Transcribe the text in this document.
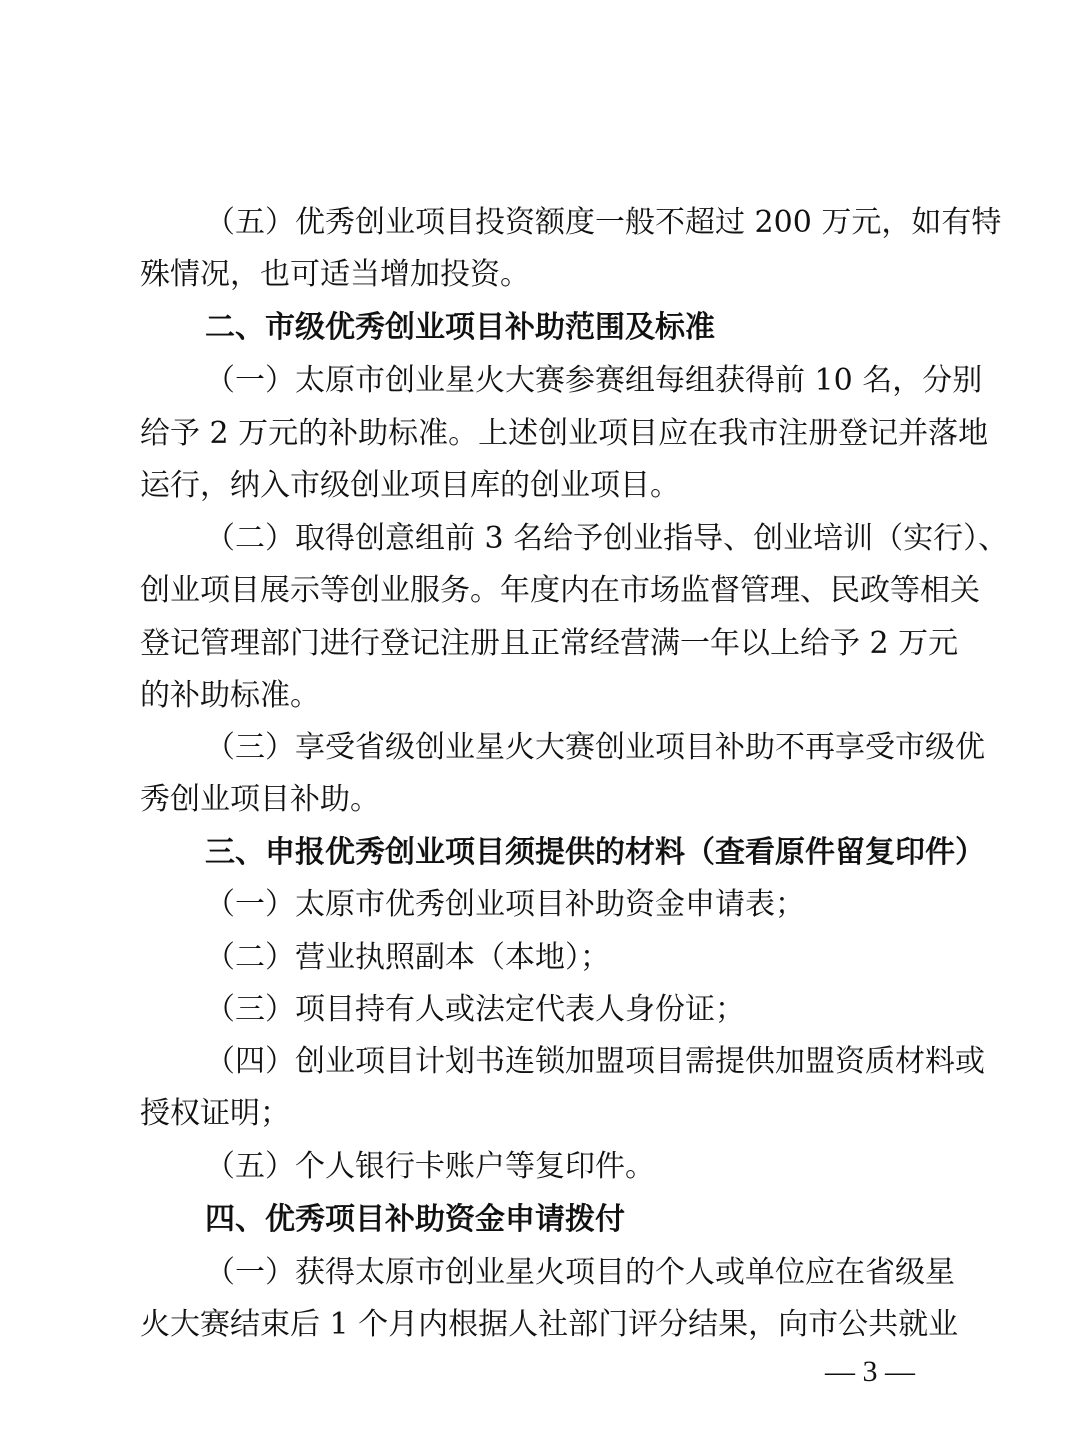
（五）优秀创业项目投资额度一般不超过 200 万元，如有特
殊情况，也可适当增加投资。
二、市级优秀创业项目补助范围及标准
（一）太原市创业星火大赛参赛组每组获得前 10 名，分别
给予 2 万元的补助标准。上述创业项目应在我市注册登记并落地
运行，纳入市级创业项目库的创业项目。
（二）取得创意组前 3 名给予创业指导、创业培训（实行）、
创业项目展示等创业服务。年度内在市场监督管理、民政等相关
登记管理部门进行登记注册且正常经营满一年以上给予 2 万元
的补助标准。
（三）享受省级创业星火大赛创业项目补助不再享受市级优
秀创业项目补助。
三、申报优秀创业项目须提供的材料（查看原件留复印件）
（一）太原市优秀创业项目补助资金申请表；
（二）营业执照副本（本地）；
（三）项目持有人或法定代表人身份证；
（四）创业项目计划书连锁加盟项目需提供加盟资质材料或
授权证明；
（五）个人银行卡账户等复印件。
四、优秀项目补助资金申请拨付
（一）获得太原市创业星火项目的个人或单位应在省级星
火大赛结束后 1 个月内根据人社部门评分结果，向市公共就业
— 3 —
